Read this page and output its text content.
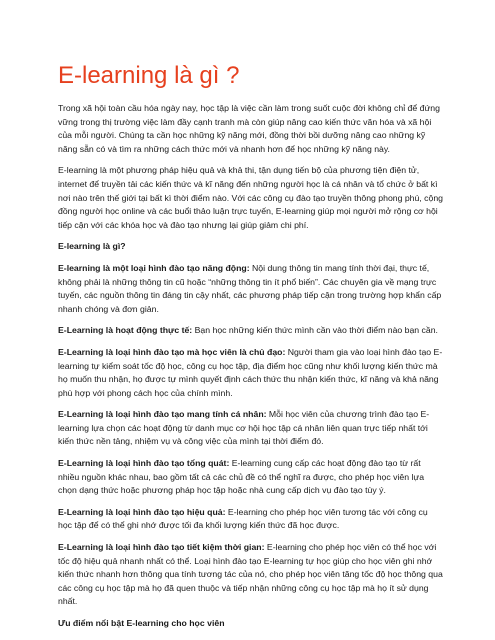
E-learning là gì ?

Trong xã hội toàn cầu hóa ngày nay, học tập là việc cần làm trong suốt cuộc đời không chỉ để đứng vững trong thị trường việc làm đầy cạnh tranh mà còn giúp nâng cao kiến thức văn hóa và xã hội của mỗi người. Chúng ta cần học những kỹ năng mới, đồng thời bồi dưỡng nâng cao những kỹ năng sẵn có và tìm ra những cách thức mới và nhanh hơn để học những kỹ năng này.

E-learning là một phương pháp hiệu quả và khả thi, tận dụng tiến bộ của phương tiện điện tử, internet để truyền tải các kiến thức và kĩ năng đến những người học là cá nhân và tổ chức ở bất kì nơi nào trên thế giới tại bất kì thời điểm nào. Với các công cụ đào tạo truyền thông phong phú, cộng đồng người học online và các buổi thảo luận trực tuyến, E-learning giúp mọi người mở rộng cơ hội tiếp cận với các khóa học và đào tạo nhưng lại giúp giảm chi phí.

E-learning là gì?

E-learning là một loại hình đào tạo năng động: Nội dung thông tin mang tính thời đại, thực tế, không phải là những thông tin cũ hoặc “những thông tin ít phổ biến”. Các chuyên gia về mạng trực tuyến, các nguồn thông tin đáng tin cậy nhất, các phương pháp tiếp cận trong trường hợp khẩn cấp nhanh chóng và đơn giản.

E-Learning là hoạt động thực tế: Bạn học những kiến thức mình cần vào thời điểm nào bạn cần.

E-Learning là loại hình đào tạo mà học viên là chủ đạo: Người tham gia vào loại hình đào tạo E-learning tự kiểm soát tốc độ học, công cụ học tập, địa điểm học cũng như khối lượng kiến thức mà họ muốn thu nhận, họ được tự mình quyết định cách thức thu nhận kiến thức, kĩ năng và khả năng phù hợp với phong cách học của chính mình.

E-Learning là loại hình đào tạo mang tính cá nhân: Mỗi học viên của chương trình đào tạo E-learning lựa chọn các hoạt động từ danh mục cơ hội học tập cá nhân liên quan trực tiếp nhất tới kiến thức nền tảng, nhiệm vụ và công việc của mình tại thời điểm đó.

E-Learning là loại hình đào tạo tổng quát: E-learning cung cấp các hoạt động đào tạo từ rất nhiều nguồn khác nhau, bao gồm tất cả các chủ đề có thể nghĩ ra được, cho phép học viên lựa chọn dạng thức hoặc phương pháp học tập hoặc nhà cung cấp dịch vụ đào tạo tùy ý.

E-Learning là loại hình đào tạo hiệu quả: E-learning cho phép học viên tương tác với công cụ học tập để có thể ghi nhớ được tối đa khối lượng kiến thức đã học được.

E-Learning là loại hình đào tạo tiết kiệm thời gian: E-learning cho phép học viên có thể học với tốc độ hiệu quả nhanh nhất có thể. Loại hình đào tạo E-learning tự học giúp cho học viên ghi nhớ kiến thức nhanh hơn thông qua tính tương tác của nó, cho phép học viên tăng tốc độ học thông qua các công cụ học tập mà họ đã quen thuộc và tiếp nhận những công cụ học tập mà họ ít sử dụng nhất.

Ưu điểm nổi bật E-learning cho học viên
